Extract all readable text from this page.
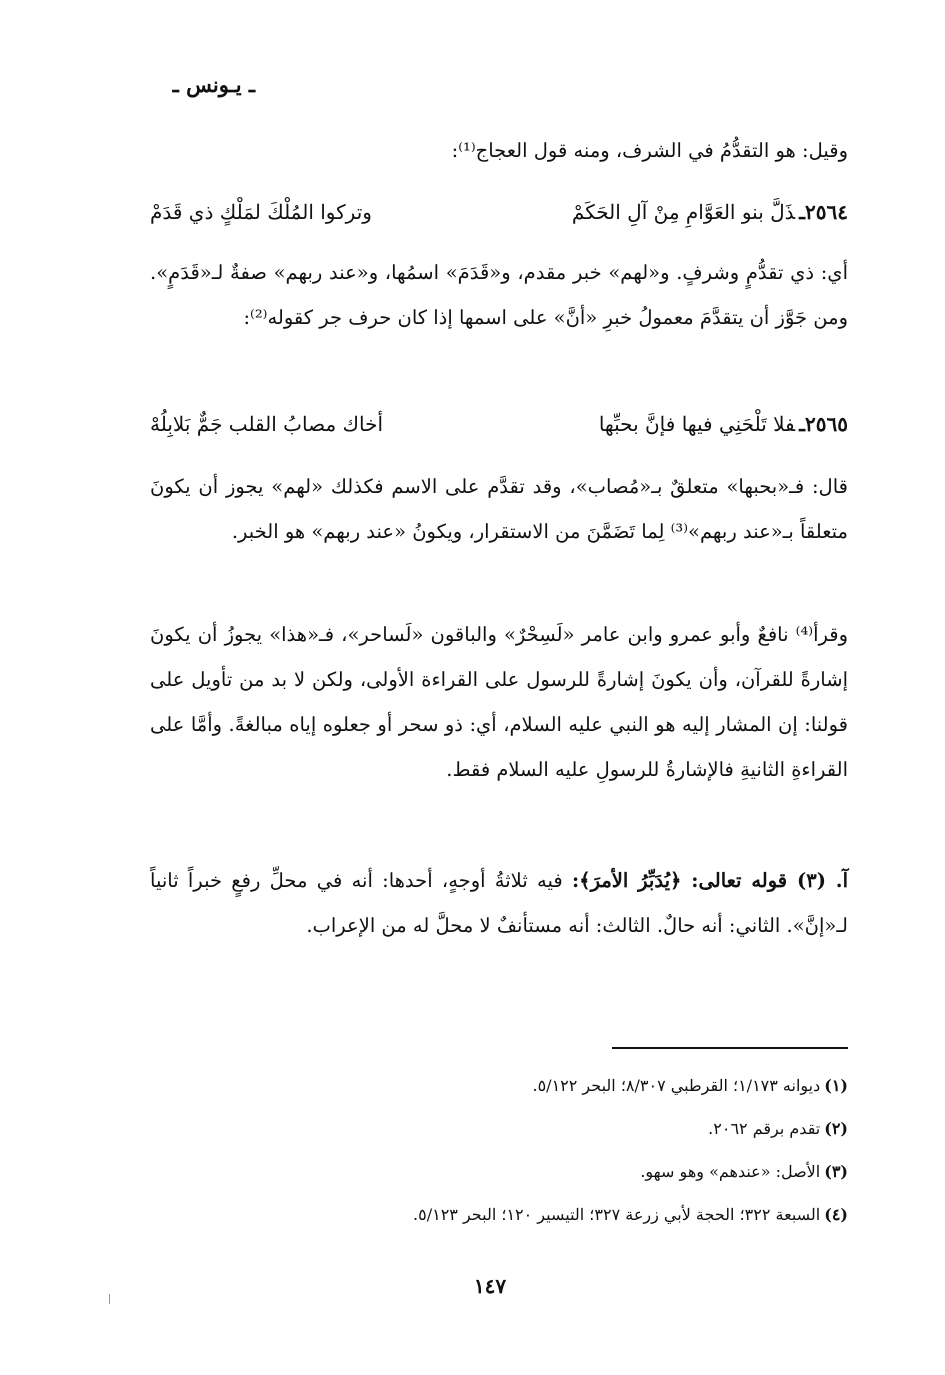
ـ يـونس ـ

وقيل: هو التقدُّمُ في الشرف، ومنه قول العجاج⁽¹⁾:

٢٥٦٤ـذَلَّ بنو العَوَّامِ مِنْ آلِ الحَكَمْ
وتركوا المُلْكَ لمَلْكٍ ذي قَدَمْ

أي: ذي تقدُّمٍ وشرفٍ. و«لهم» خبر مقدم، و«قَدَمَ» اسمُها، و«عند ربهم» صفةٌ لـ«قَدَمٍ». ومن جَوَّز أن يتقدَّمَ معمولُ خبرِ «أنَّ» على اسمها إذا كان حرف جر كقوله⁽²⁾:

٢٥٦٥ـفلا تَلْحَنِي فيها فإنَّ بحبِّها
أخاك مصابُ القلب جَمٌّ بَلابِلُهْ

قال: فـ«بحبها» متعلقٌ بـ«مُصاب»، وقد تقدَّم على الاسم فكذلك «لهم» يجوز أن يكونَ متعلقاً بـ«عند ربهم»⁽³⁾ لِما تَضَمَّنَ من الاستقرار، ويكونُ «عند ربهم» هو الخبر.

وقرأ⁽⁴⁾ نافعٌ وأبو عمرو وابن عامر «لَسِحْرٌ» والباقون «لَساحر»، فـ«هذا» يجوزُ أن يكونَ إشارةً للقرآن، وأن يكونَ إشارةً للرسول على القراءة الأولى، ولكن لا بد من تأويل على قولنا: إن المشار إليه هو النبي عليه السلام، أي: ذو سحر أو جعلوه إياه مبالغةً. وأمَّا على القراءةِ الثانيةِ فالإشارةُ للرسولِ عليه السلام فقط.

آ. (٣) قوله تعالى: ﴿يُدَبِّرُ الأمرَ﴾: فيه ثلاثةُ أوجهٍ، أحدها: أنه في محلِّ رفعٍ خبراً ثانياً لـ«إنَّ». الثاني: أنه حالٌ. الثالث: أنه مستأنفٌ لا محلَّ له من الإعراب.

(١)ديوانه ١/١٧٣؛ القرطبي ٨/٣٠٧؛ البحر ٥/١٢٢.
(٢)تقدم برقم ٢٠٦٢.
(٣)الأصل: «عندهم» وهو سهو.
(٤)السبعة ٣٢٢؛ الحجة لأبي زرعة ٣٢٧؛ التيسير ١٢٠؛ البحر ٥/١٢٣.
١٤٧
